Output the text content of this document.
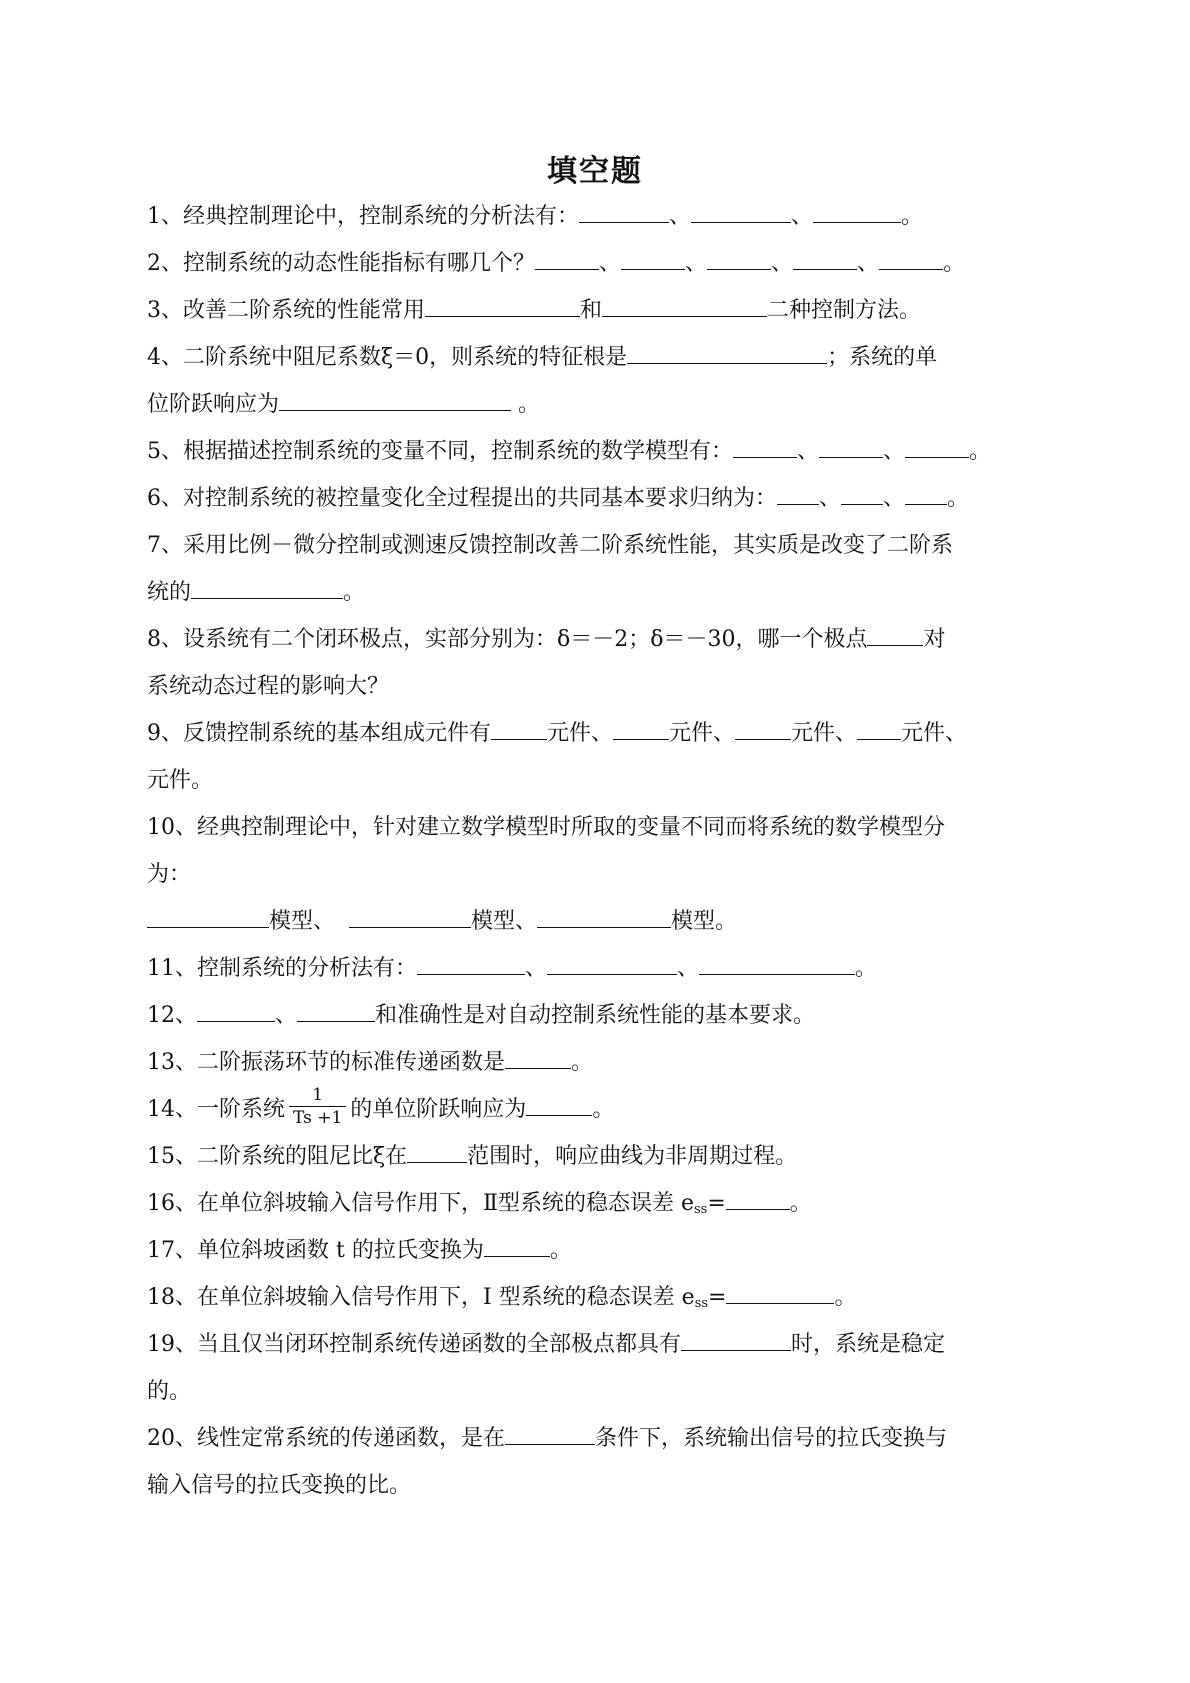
填空题

1、经典控制理论中，控制系统的分析法有：	、	、	。

2、控制系统的动态性能指标有哪几个？	、	、	、	、	。

3、改善二阶系统的性能常用	和	二种控制方法。

4、二阶系统中阻尼系数ξ＝0，则系统的特征根是	；系统的单

位阶跃响应为	。

5、根据描述控制系统的变量不同，控制系统的数学模型有：	、	、	。

6、对控制系统的被控量变化全过程提出的共同基本要求归纳为： 、 、 。

7、采用比例－微分控制或测速反馈控制改善二阶系统性能，其实质是改变了二阶系

统的	。

8、设系统有二个闭环极点，实部分别为：δ＝－2；δ＝－30，哪一个极点	对

系统动态过程的影响大？

9、反馈控制系统的基本组成元件有	元件、	元件、	元件、 元件、

元件。

10、经典控制理论中，针对建立数学模型时所取的变量不同而将系统的数学模型分

为：

模型、	模型、	模型。

11、控制系统的分析法有：	、	、	。

12、	、	和准确性是对自动控制系统性能的基本要求。

13、二阶振荡环节的标准传递函数是	。

14、一阶系统 $\frac{1}{Ts +1}$ 的单位阶跃响应为	。

15、二阶系统的阻尼比ξ在	范围时，响应曲线为非周期过程。

16、在单位斜坡输入信号作用下，Ⅱ型系统的稳态误差 $e_{ss}=$	。

17、单位斜坡函数 t 的拉氏变换为	。

18、在单位斜坡输入信号作用下，I 型系统的稳态误差 $e_{ss}=$	。

19、当且仅当闭环控制系统传递函数的全部极点都具有	时，系统是稳定

的。

20、线性定常系统的传递函数，是在	条件下，系统输出信号的拉氏变换与

输入信号的拉氏变换的比。
